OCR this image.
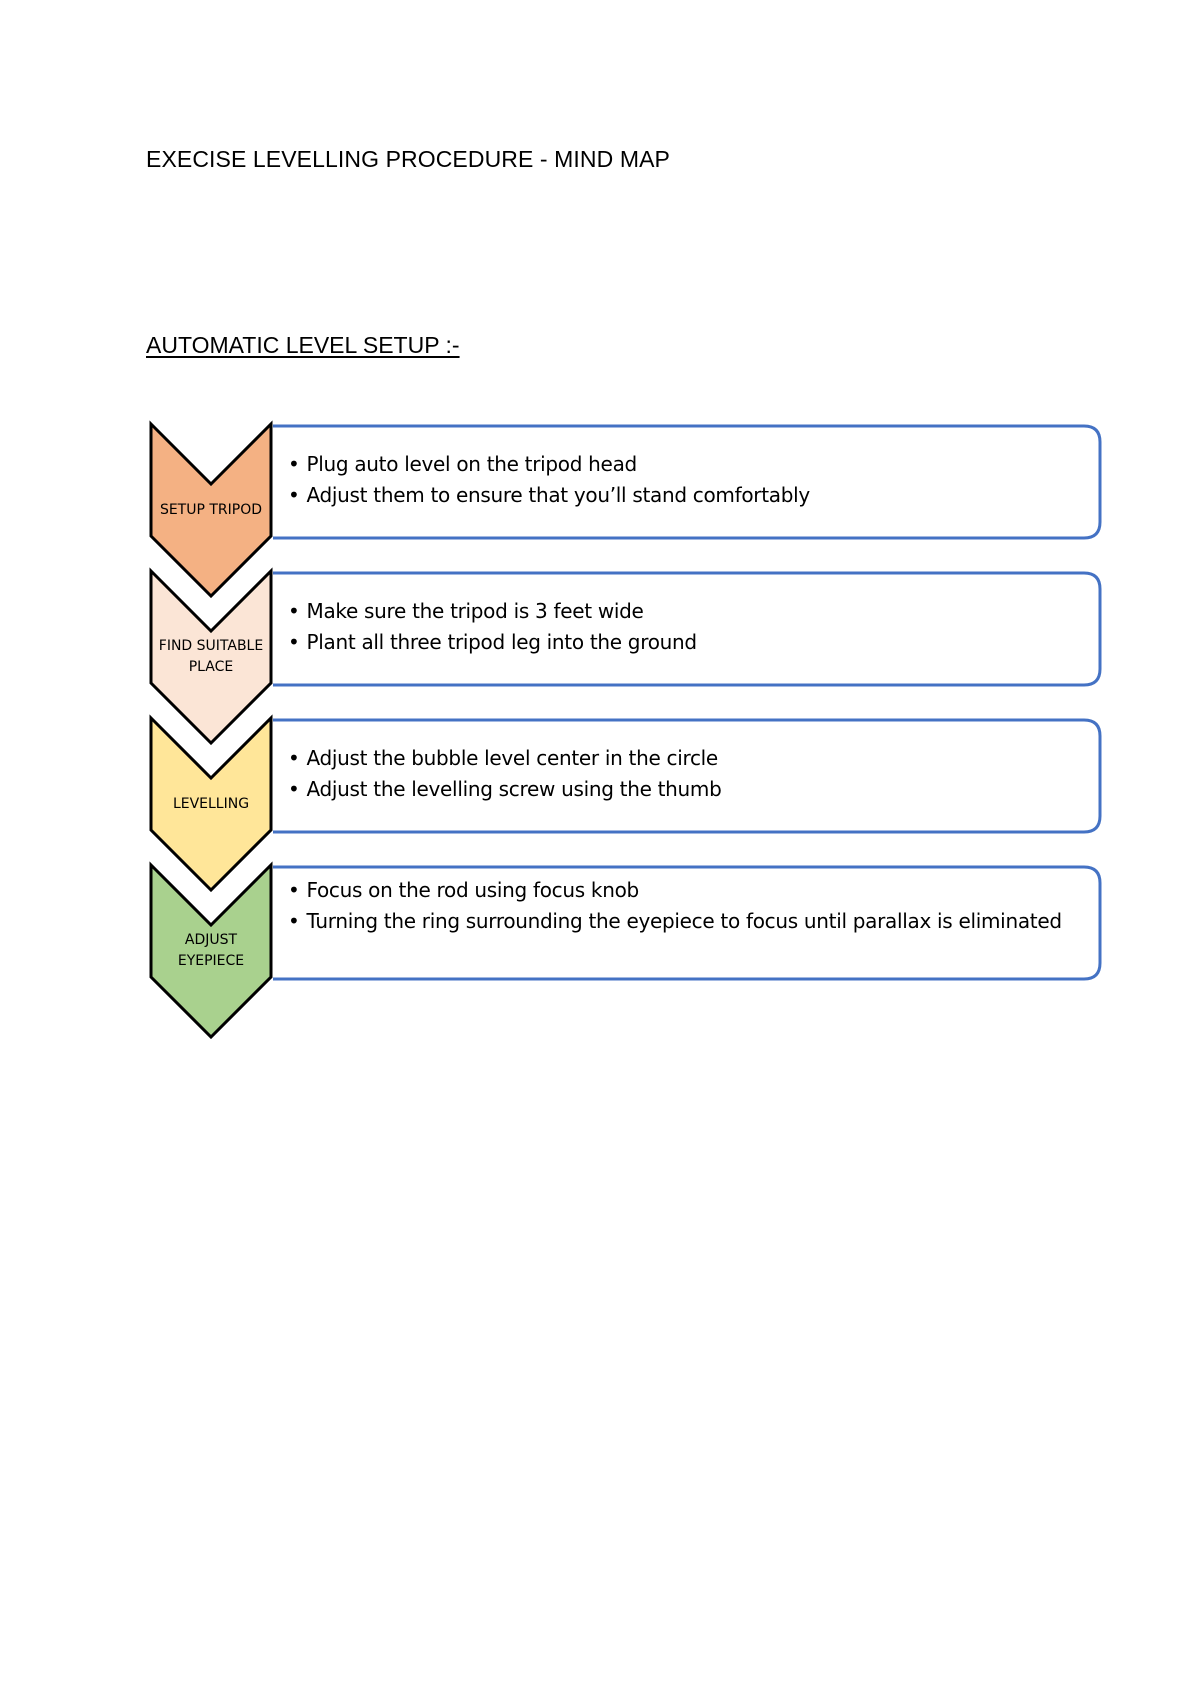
EXECISE LEVELLING PROCEDURE - MIND MAP
AUTOMATIC LEVEL SETUP :-
SETUP TRIPOD
FIND SUITABLE
PLACE
LEVELLING
ADJUST
EYEPIECE
• Plug auto level on the tripod head
• Adjust them to ensure that you’ll stand comfortably
• Make sure the tripod is 3 feet wide
• Plant all three tripod leg into the ground
• Adjust the bubble level center in the circle
• Adjust the levelling screw using the thumb
• Focus on the rod using focus knob
• Turning the ring surrounding the eyepiece to focus until parallax is eliminated
